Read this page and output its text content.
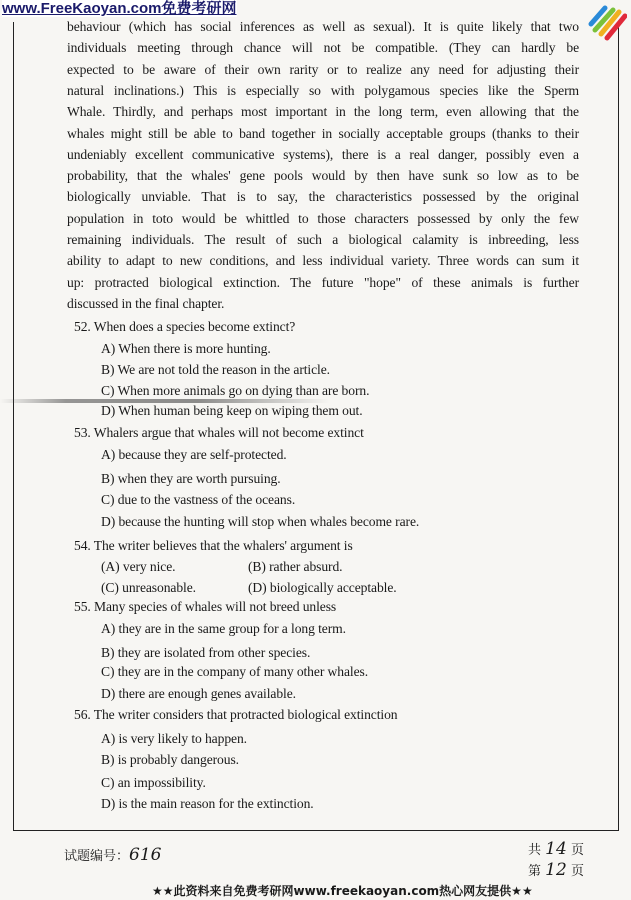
behaviour (which has social inferences as well as sexual). It is quite likely that two
individuals meeting through chance will not be compatible. (They can hardly be
expected to be aware of their own rarity or to realize any need for adjusting their
natural inclinations.) This is especially so with polygamous species like the Sperm
Whale. Thirdly, and perhaps most important in the long term, even allowing that the
whales might still be able to band together in socially acceptable groups (thanks to their
undeniably excellent communicative systems), there is a real danger, possibly even a
probability, that the whales' gene pools would by then have sunk so low as to be
biologically unviable. That is to say, the characteristics possessed by the original
population in toto would be whittled to those characters possessed by only the few
remaining individuals. The result of such a biological calamity is inbreeding, less
ability to adapt to new conditions, and less individual variety. Three words can sum it
up: protracted biological extinction. The future "hope" of these animals is further
discussed in the final chapter.
52. When does a species become extinct?
A) When there is more hunting.
B) We are not told the reason in the article.
C) When more animals go on dying than are born.
D) When human being keep on wiping them out.
53. Whalers argue that whales will not become extinct
A) because they are self-protected.
B) when they are worth pursuing.
C) due to the vastness of the oceans.
D) because the hunting will stop when whales become rare.
54. The writer believes that the whalers' argument is
(A) very nice.	(B) rather absurd.
(C) unreasonable.	(D) biologically acceptable.
55. Many species of whales will not breed unless
A) they are in the same group for a long term.
B) they are isolated from other species.
C) they are in the company of many other whales.
D) there are enough genes available.
56. The writer considers that protracted biological extinction
A) is very likely to happen.
B) is probably dangerous.
C) an impossibility.
D) is the main reason for the extinction.
www.FreeKaoyan.com免费考研网
试题编号：616	共 14 页
第 12 页
★★此资料来自免费考研网www.freekaoyan.com热心网友提供★★
